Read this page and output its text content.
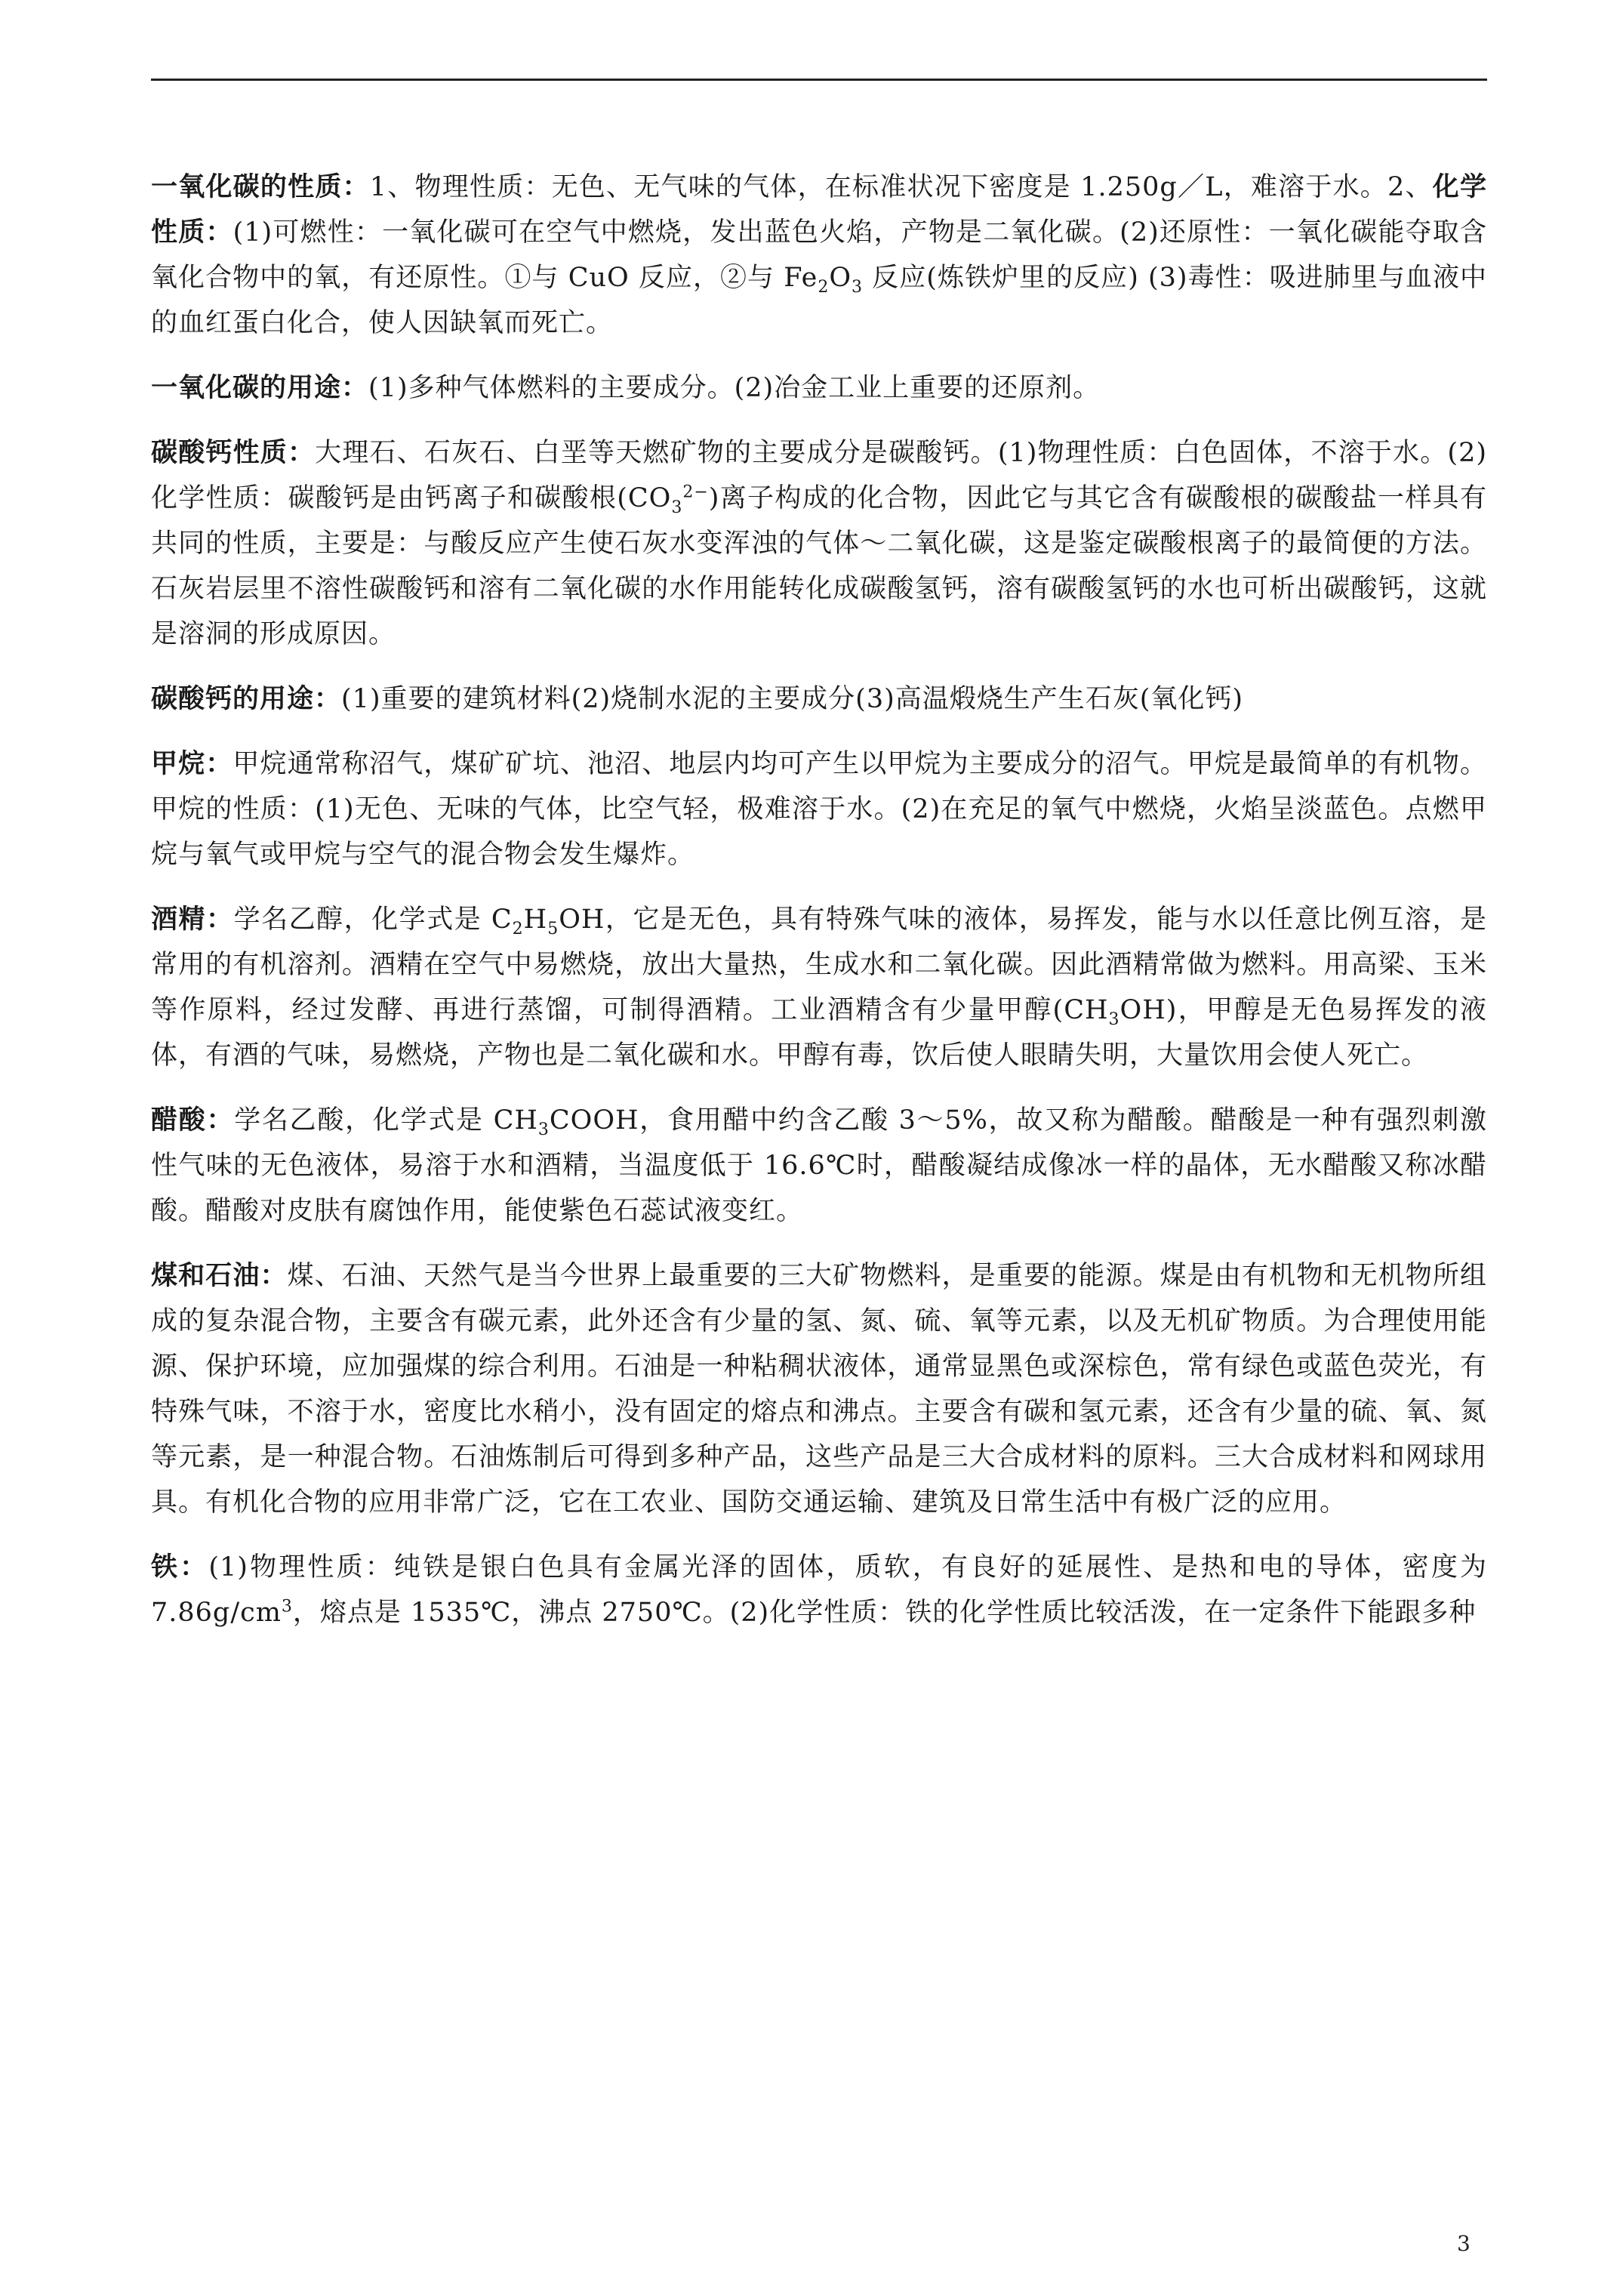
一氧化碳的性质：1、物理性质：无色、无气味的气体，在标准状况下密度是 1.250g／L，难溶于水。2、化学性质：(1)可燃性：一氧化碳可在空气中燃烧，发出蓝色火焰，产物是二氧化碳。(2)还原性：一氧化碳能夺取含氧化合物中的氧，有还原性。①与 CuO 反应，②与 $Fe_2O_3$ 反应(炼铁炉里的反应) (3)毒性：吸进肺里与血液中的血红蛋白化合，使人因缺氧而死亡。

一氧化碳的用途：(1)多种气体燃料的主要成分。(2)冶金工业上重要的还原剂。

碳酸钙性质：大理石、石灰石、白垩等天燃矿物的主要成分是碳酸钙。(1)物理性质：白色固体，不溶于水。(2)化学性质：碳酸钙是由钙离子和碳酸根$(CO_3^{2-})$离子构成的化合物，因此它与其它含有碳酸根的碳酸盐一样具有共同的性质，主要是：与酸反应产生使石灰水变浑浊的气体～二氧化碳，这是鉴定碳酸根离子的最简便的方法。石灰岩层里不溶性碳酸钙和溶有二氧化碳的水作用能转化成碳酸氢钙，溶有碳酸氢钙的水也可析出碳酸钙，这就是溶洞的形成原因。

碳酸钙的用途：(1)重要的建筑材料(2)烧制水泥的主要成分(3)高温煅烧生产生石灰(氧化钙)

甲烷：甲烷通常称沼气，煤矿矿坑、池沼、地层内均可产生以甲烷为主要成分的沼气。甲烷是最简单的有机物。甲烷的性质：(1)无色、无味的气体，比空气轻，极难溶于水。(2)在充足的氧气中燃烧，火焰呈淡蓝色。点燃甲烷与氧气或甲烷与空气的混合物会发生爆炸。

酒精：学名乙醇，化学式是 $C_2H_5OH$，它是无色，具有特殊气味的液体，易挥发，能与水以任意比例互溶，是常用的有机溶剂。酒精在空气中易燃烧，放出大量热，生成水和二氧化碳。因此酒精常做为燃料。用高梁、玉米等作原料，经过发酵、再进行蒸馏，可制得酒精。工业酒精含有少量甲醇$(CH_3OH)$，甲醇是无色易挥发的液体，有酒的气味，易燃烧，产物也是二氧化碳和水。甲醇有毒，饮后使人眼睛失明，大量饮用会使人死亡。

醋酸：学名乙酸，化学式是 $CH_3COOH$，食用醋中约含乙酸 3～5%，故又称为醋酸。醋酸是一种有强烈刺激性气味的无色液体，易溶于水和酒精，当温度低于 16.6℃时，醋酸凝结成像冰一样的晶体，无水醋酸又称冰醋酸。醋酸对皮肤有腐蚀作用，能使紫色石蕊试液变红。

煤和石油：煤、石油、天然气是当今世界上最重要的三大矿物燃料，是重要的能源。煤是由有机物和无机物所组成的复杂混合物，主要含有碳元素，此外还含有少量的氢、氮、硫、氧等元素，以及无机矿物质。为合理使用能源、保护环境，应加强煤的综合利用。石油是一种粘稠状液体，通常显黑色或深棕色，常有绿色或蓝色荧光，有特殊气味，不溶于水，密度比水稍小，没有固定的熔点和沸点。主要含有碳和氢元素，还含有少量的硫、氧、氮等元素，是一种混合物。石油炼制后可得到多种产品，这些产品是三大合成材料的原料。三大合成材料和网球用具。有机化合物的应用非常广泛，它在工农业、国防交通运输、建筑及日常生活中有极广泛的应用。

铁：(1)物理性质：纯铁是银白色具有金属光泽的固体，质软，有良好的延展性、是热和电的导体，密度为 $7.86g/cm^3$，熔点是 1535℃，沸点 2750℃。(2)化学性质：铁的化学性质比较活泼，在一定条件下能跟多种

3
